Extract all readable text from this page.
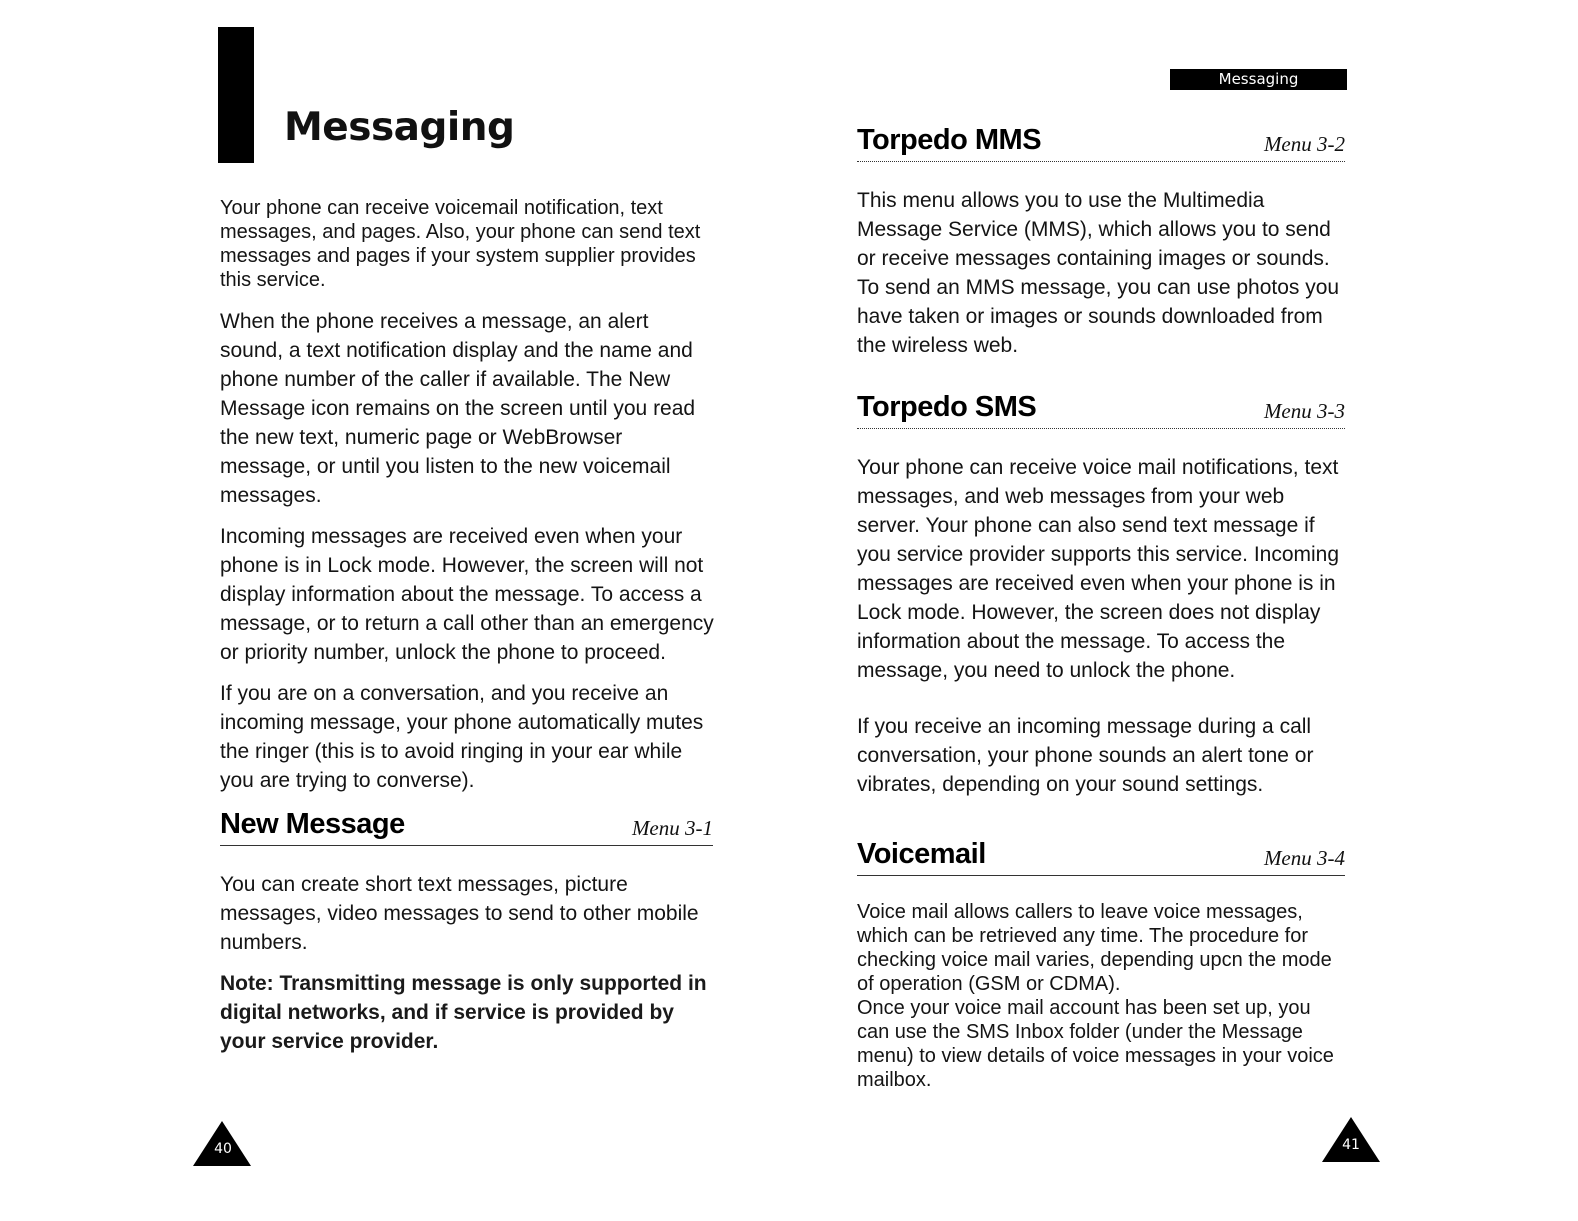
Messaging

Your phone can receive voicemail notification, text messages, and pages. Also, your phone can send text messages and pages if your system supplier provides this service.

When the phone receives a message, an alert sound, a text notification display and the name and phone number of the caller if available. The New Message icon remains on the screen until you read the new text, numeric page or WebBrowser message, or until you listen to the new voicemail messages.

Incoming messages are received even when your phone is in Lock mode. However, the screen will not display information about the message. To access a message, or to return a call other than an emergency or priority number, unlock the phone to proceed.

If you are on a conversation, and you receive an incoming message, your phone automatically mutes the ringer (this is to avoid ringing in your ear while you are trying to converse).

New Message	Menu 3-1

You can create short text messages, picture messages, video messages to send to other mobile numbers.

Note: Transmitting message is only supported in digital networks, and if service is provided by your service provider.

40
Messaging
Torpedo MMS	Menu 3-2

This menu allows you to use the Multimedia Message Service (MMS), which allows you to send or receive messages containing images or sounds. To send an MMS message, you can use photos you have taken or images or sounds downloaded from the wireless web.

Torpedo SMS	Menu 3-3

Your phone can receive voice mail notifications, text messages, and web messages from your web server. Your phone can also send text message if you service provider supports this service. Incoming messages are received even when your phone is in Lock mode. However, the screen does not display information about the message. To access the message, you need to unlock the phone.

If you receive an incoming message during a call conversation, your phone sounds an alert tone or vibrates, depending on your sound settings.

Voicemail	Menu 3-4

Voice mail allows callers to leave voice messages, which can be retrieved any time. The procedure for checking voice mail varies, depending upcn the mode of operation (GSM or CDMA).

Once your voice mail account has been set up, you can use the SMS Inbox folder (under the Message menu) to view details of voice messages in your voice mailbox.

41
